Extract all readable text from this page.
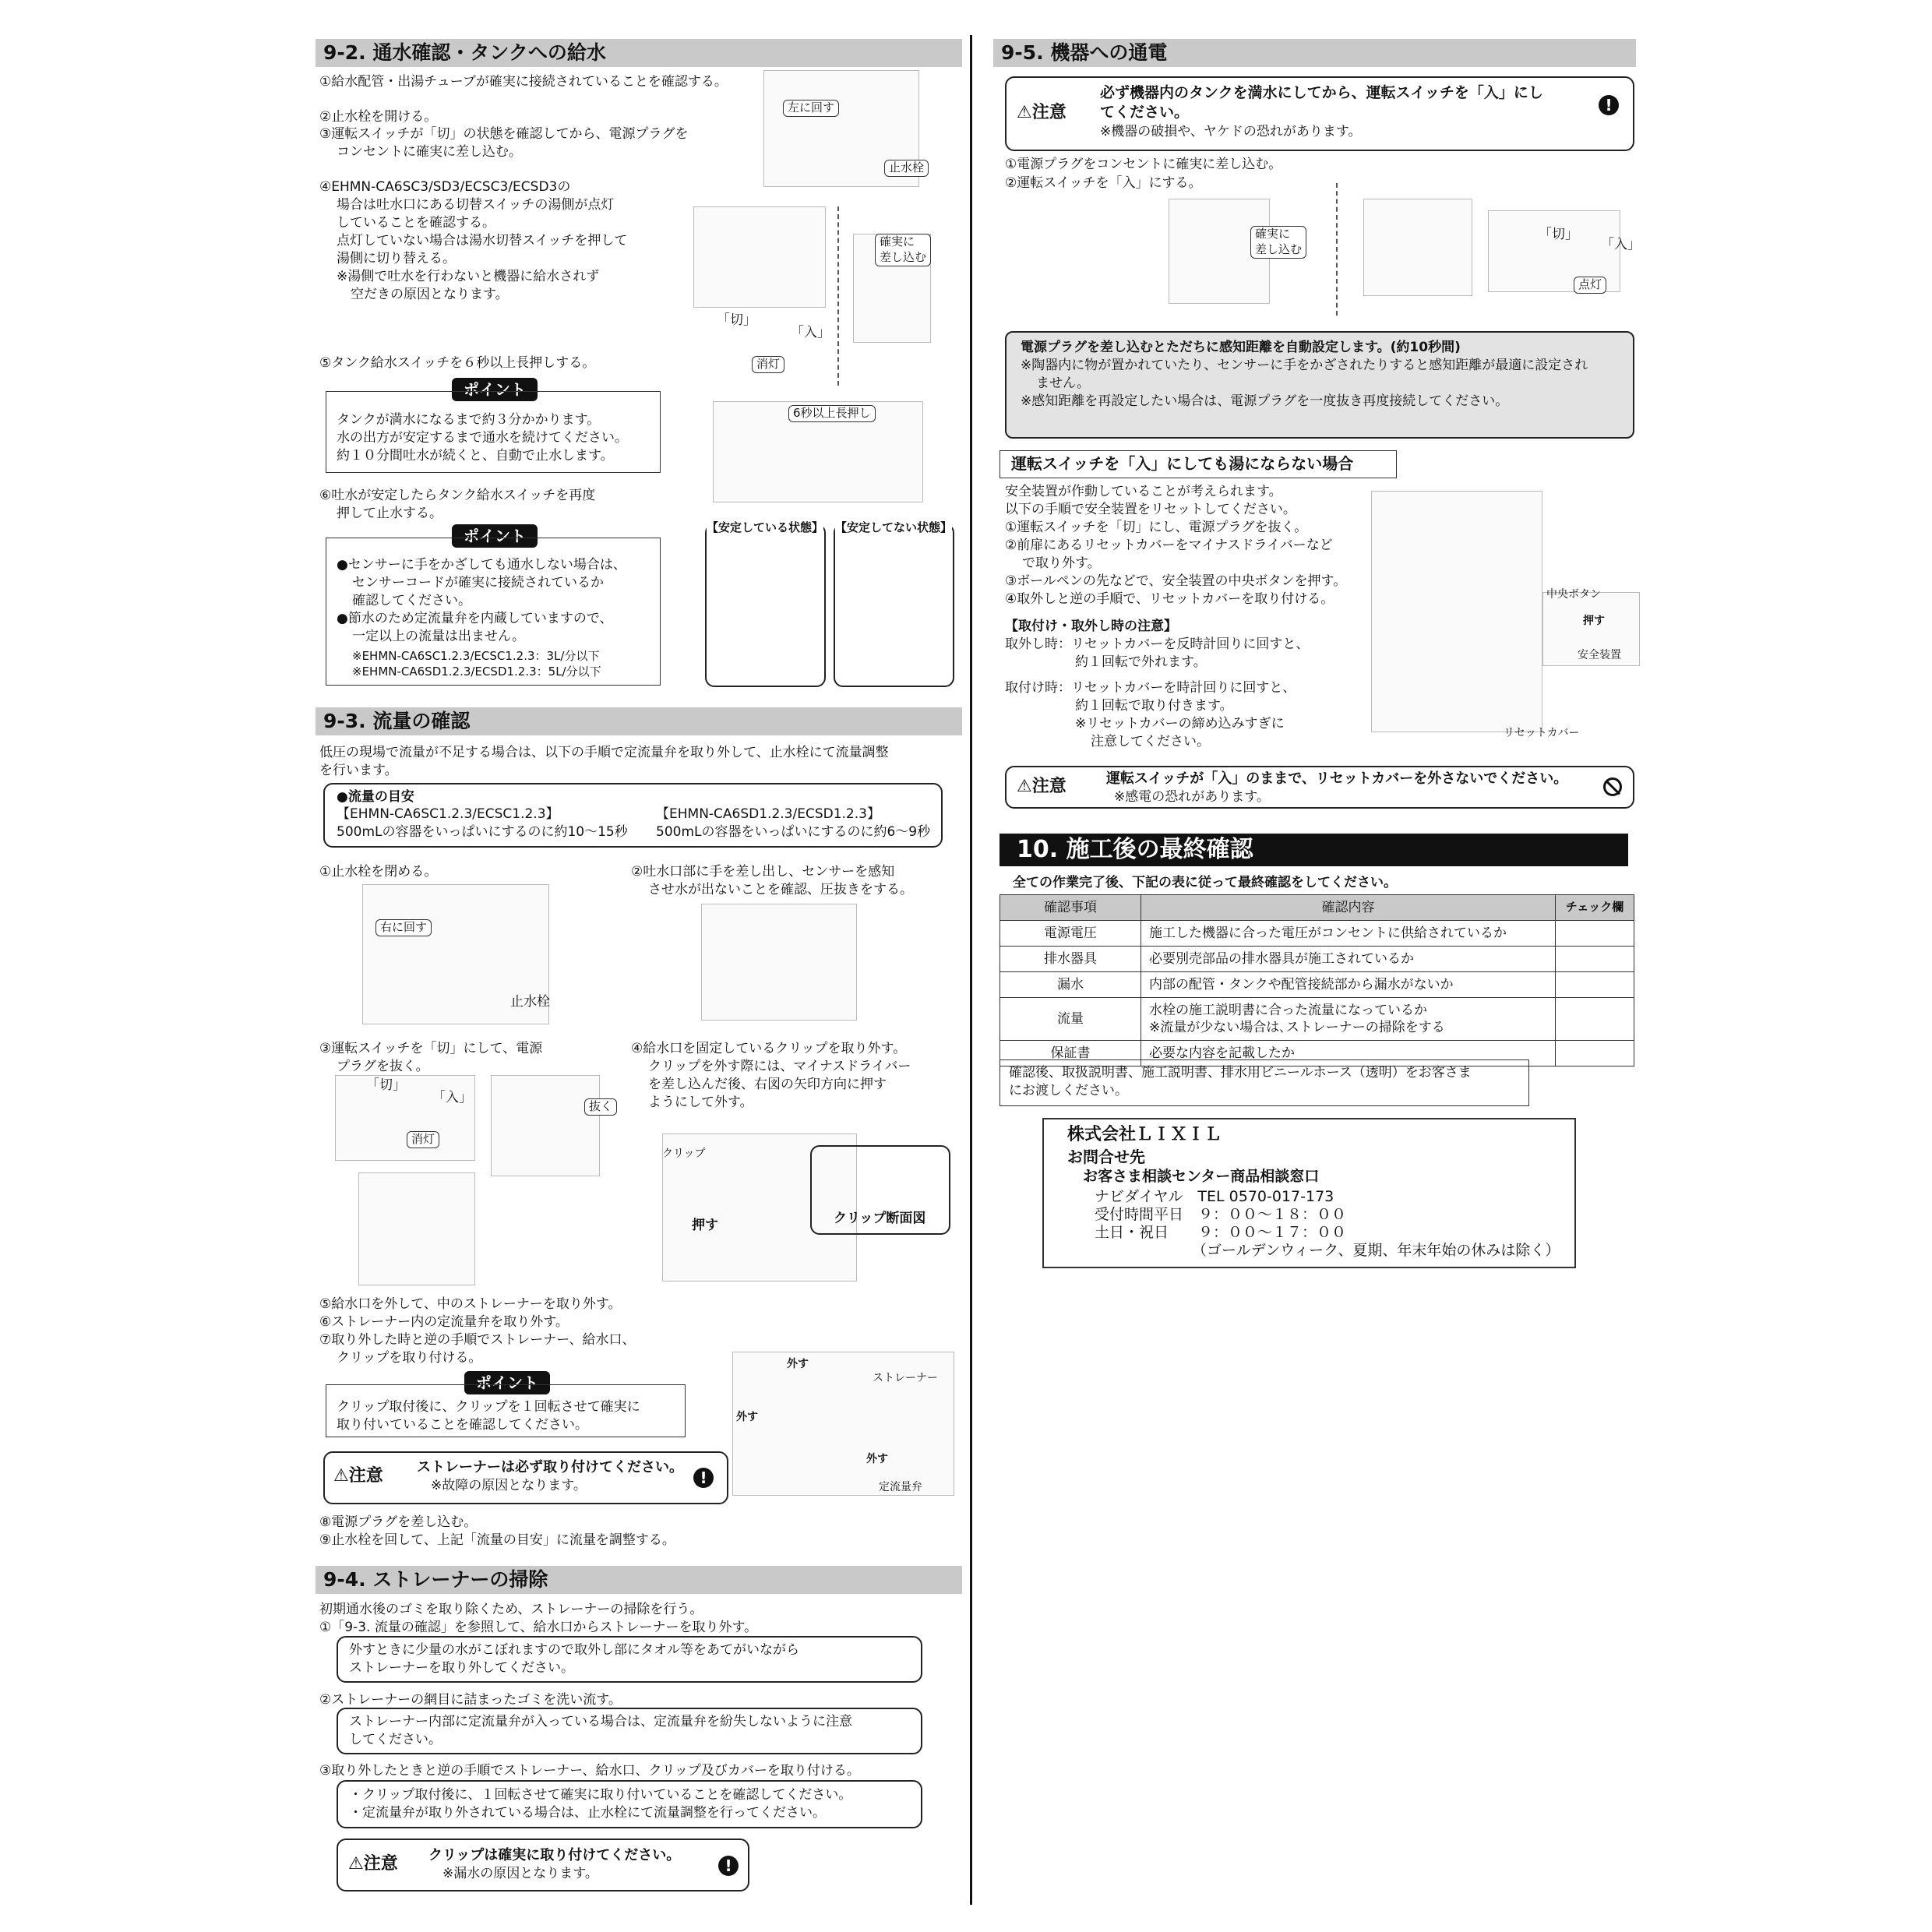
9-2. 通水確認・タンクへの給水
①給水配管・出湯チューブが確実に接続されていることを確認する。
②止水栓を開ける。
③運転スイッチが「切」の状態を確認してから、電源プラグを
コンセントに確実に差し込む。
④EHMN-CA6SC3/SD3/ECSC3/ECSD3の
場合は吐水口にある切替スイッチの湯側が点灯
していることを確認する。
点灯していない場合は湯水切替スイッチを押して
湯側に切り替える。
※湯側で吐水を行わないと機器に給水されず
空だきの原因となります。
左に回す
止水栓
確実に
差し込む
「切」
「入」
消灯
⑤タンク給水スイッチを６秒以上長押しする。
ポイント
タンクが満水になるまで約３分かかります。
水の出方が安定するまで通水を続けてください。
約１０分間吐水が続くと、自動で止水します。
6秒以上長押し
⑥吐水が安定したらタンク給水スイッチを再度
押して止水する。
ポイント
●センサーに手をかざしても通水しない場合は、
センサーコードが確実に接続されているか
確認してください。
●節水のため定流量弁を内蔵していますので、
一定以上の流量は出ません。
※EHMN-CA6SC1.2.3/ECSC1.2.3：3L/分以下
※EHMN-CA6SD1.2.3/ECSD1.2.3：5L/分以下
【安定している状態】 【安定してない状態】
9-3. 流量の確認
低圧の現場で流量が不足する場合は、以下の手順で定流量弁を取り外して、止水栓にて流量調整
を行います。
●流量の目安
【EHMN-CA6SC1.2.3/ECSC1.2.3】
500mLの容器をいっぱいにするのに約10～15秒
【EHMN-CA6SD1.2.3/ECSD1.2.3】
500mLの容器をいっぱいにするのに約6～9秒
①止水栓を閉める。
右に回す
止水栓
②吐水口部に手を差し出し、センサーを感知
させ水が出ないことを確認、圧抜きをする。
③運転スイッチを「切」にして、電源
プラグを抜く。
「切」
「入」
消灯
抜く
④給水口を固定しているクリップを取り外す。
クリップを外す際には、マイナスドライバー
を差し込んだ後、右図の矢印方向に押す
ようにして外す。
クリップ
押す	クリップ断面図
⑤給水口を外して、中のストレーナーを取り外す。
⑥ストレーナー内の定流量弁を取り外す。
⑦取り外した時と逆の手順でストレーナー、給水口、
クリップを取り付ける。
ポイント
クリップ取付後に、クリップを１回転させて確実に
取り付いていることを確認してください。
外す
外す
ストレーナー
外す
定流量弁
⚠注意 ストレーナーは必ず取り付けてください。
※故障の原因となります。	!
⑧電源プラグを差し込む。
⑨止水栓を回して、上記「流量の目安」に流量を調整する。
9-4. ストレーナーの掃除
初期通水後のゴミを取り除くため、ストレーナーの掃除を行う。
①「9-3. 流量の確認」を参照して、給水口からストレーナーを取り外す。
外すときに少量の水がこぼれますので取外し部にタオル等をあてがいながら
ストレーナーを取り外してください。
②ストレーナーの網目に詰まったゴミを洗い流す。
ストレーナー内部に定流量弁が入っている場合は、定流量弁を紛失しないように注意
してください。
③取り外したときと逆の手順でストレーナー、給水口、クリップ及びカバーを取り付ける。
・クリップ取付後に、１回転させて確実に取り付いていることを確認してください。
・定流量弁が取り外されている場合は、止水栓にて流量調整を行ってください。
⚠注意 クリップは確実に取り付けてください。
※漏水の原因となります。	!
9-5. 機器への通電
⚠注意
必ず機器内のタンクを満水にしてから、運転スイッチを「入」にし
てください。
※機器の破損や、ヤケドの恐れがあります。
!
①電源プラグをコンセントに確実に差し込む。
②運転スイッチを「入」にする。
確実に
差し込む
「切」
「入」
点灯
電源プラグを差し込むとただちに感知距離を自動設定します。(約10秒間)
※陶器内に物が置かれていたり、センサーに手をかざされたりすると感知距離が最適に設定され
ません。
※感知距離を再設定したい場合は、電源プラグを一度抜き再度接続してください。
運転スイッチを「入」にしても湯にならない場合
安全装置が作動していることが考えられます。
以下の手順で安全装置をリセットしてください。
①運転スイッチを「切」にし、電源プラグを抜く。
②前扉にあるリセットカバーをマイナスドライバーなど
で取り外す。
③ボールペンの先などで、安全装置の中央ボタンを押す。
④取外しと逆の手順で、リセットカバーを取り付ける。
【取付け・取外し時の注意】
取外し時：リセットカバーを反時計回りに回すと、
約１回転で外れます。
取付け時：リセットカバーを時計回りに回すと、
約１回転で取り付きます。
※リセットカバーの締め込みすぎに
注意してください。
中央ボタン
押す
安全装置
リセットカバー
⚠注意	運転スイッチが「入」のままで、リセットカバーを外さないでください。
※感電の恐れがあります。
10. 施工後の最終確認
全ての作業完了後、下記の表に従って最終確認をしてください。
確認事項	確認内容	チェック欄
電源電圧	施工した機器に合った電圧がコンセントに供給されているか	
排水器具	必要別売部品の排水器具が施工されているか	
漏水	内部の配管・タンクや配管接続部から漏水がないか	
流量	水栓の施工説明書に合った流量になっているか
※流量が少ない場合は､ストレーナーの掃除をする	
保証書	必要な内容を記載したか	
確認後、取扱説明書、施工説明書、排水用ビニールホース（透明）をお客さま
にお渡しください。
株式会社ＬＩＸＩＬ
お問合せ先
お客さま相談センター商品相談窓口
ナビダイヤル　TEL 0570-017-173
受付時間平日　９：００～１８：００
土日・祝日　　９：００～１７：００
（ゴールデンウィーク、夏期、年末年始の休みは除く）
